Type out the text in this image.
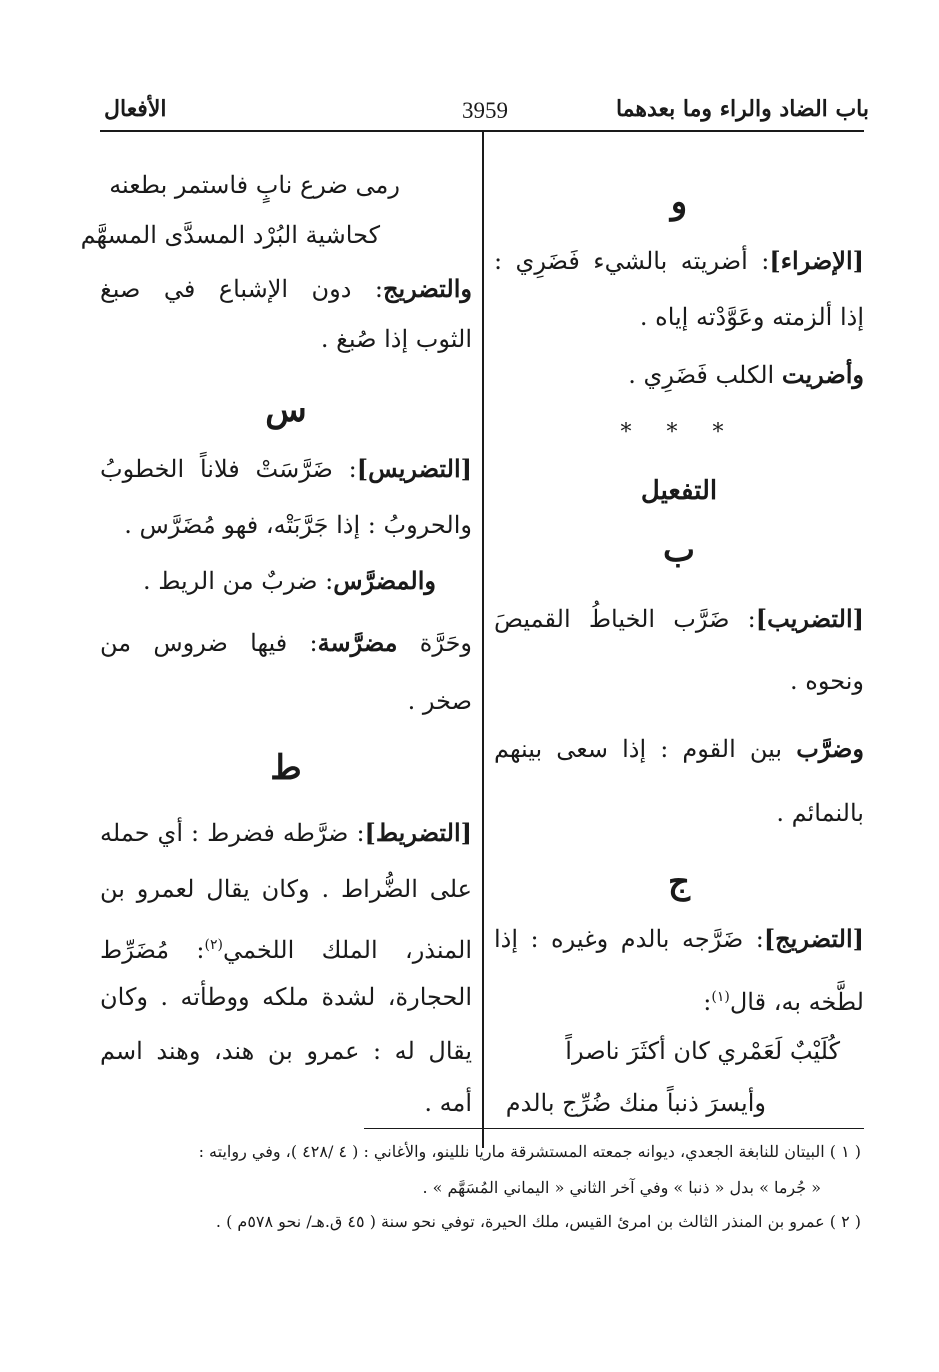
باب الضاد والراء وما بعدهما
3959
الأفعال
و
[الإضراء]: أضريته بالشيء فَضَرِي :
إذا ألزمته وعَوَّدْته إياه .
وأضريت الكلب فَضَرِي .
* * *
التفعيل
ب
[التضريب]: ضَرَّب الخياطُ القميصَ
ونحوه .
وضرَّب بين القوم : إذا سعى بينهم
بالنمائم .
ج
[التضريج]: ضَرَّجه بالدم وغيره : إذا
لطَّخه به، قال$^{(١)}$:
كُلَيْبٌ لَعَمْري كان أكثَرَ ناصراً
وأيسرَ ذنباً منك ضُرِّج بالدم
رمى ضرع نابٍ فاستمر بطعنه
كحاشية البُرْد المسدَّى المسهَّم
والتضريج: دون الإشباع في صبغ
الثوب إذا صُبغ .
س
[التضريس]: ضَرَّسَتْ فلاناً الخطوبُ
والحروبُ : إذا جَرَّبَتْه، فهو مُضَرَّس .
والمضرَّس: ضربٌ من الريط .
وحَرَّة مضرَّسة: فيها ضروس من
صخر .
ط
[التضريط]: ضرَّطه فضرط : أي حمله
على الضُّراط . وكان يقال لعمرو بن
المنذر، الملك اللخمي$^{(٢)}$: مُضَرِّط
الحجارة، لشدة ملكه ووطأته . وكان
يقال له : عمرو بن هند، وهند اسم
أمه .
( ١ ) البيتان للنابغة الجعدي، ديوانه جمعته المستشرقة ماريا نللينو، والأغاني : ( ٤ /٤٢٨ )، وفي روايته :
« جُرما » بدل « ذنبا » وفي آخر الثاني « اليماني المُسَهَّم » .
( ٢ ) عمرو بن المنذر الثالث بن امرئ القيس، ملك الحيرة، توفي نحو سنة ( ٤٥ ق.هـ/ نحو ٥٧٨م ) .
